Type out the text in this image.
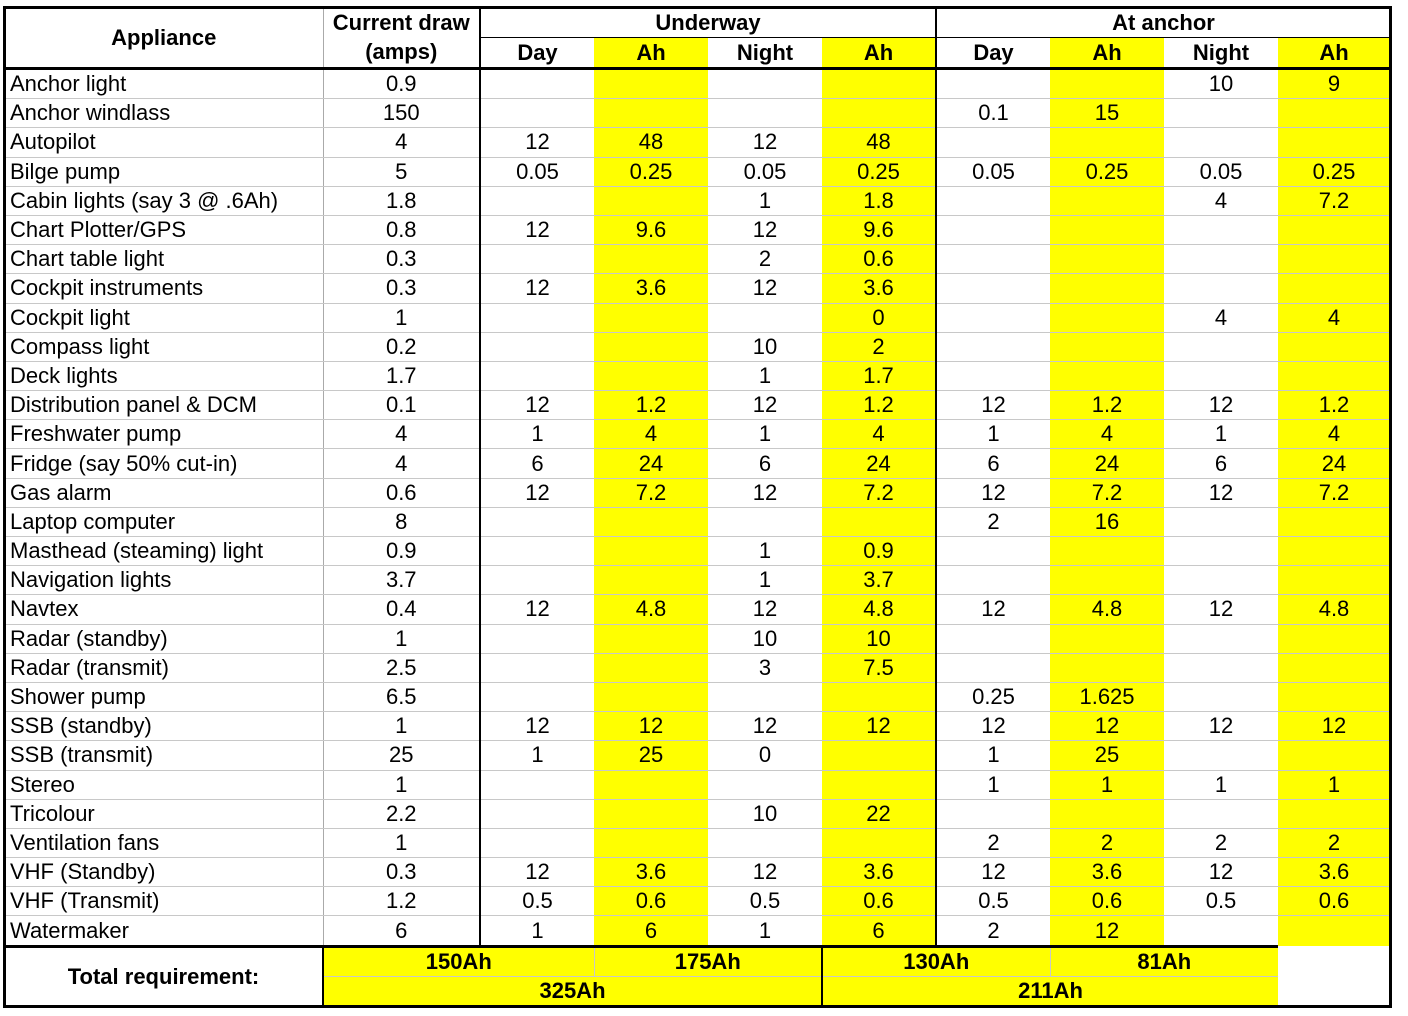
Appliance	Current draw	Underway				At anchor			
	(amps)	Day	Ah	Night	Ah	Day	Ah	Night	Ah
Anchor light	0.9							10	9
Anchor windlass	150					0.1	15		
Autopilot	4	12	48	12	48				
Bilge pump	5	0.05	0.25	0.05	0.25	0.05	0.25	0.05	0.25
Cabin lights (say 3 @ .6Ah)	1.8			1	1.8			4	7.2
Chart Plotter/GPS	0.8	12	9.6	12	9.6				
Chart table light	0.3			2	0.6				
Cockpit instruments	0.3	12	3.6	12	3.6				
Cockpit light	1				0			4	4
Compass light	0.2			10	2				
Deck lights	1.7			1	1.7				
Distribution panel & DCM	0.1	12	1.2	12	1.2	12	1.2	12	1.2
Freshwater pump	4	1	4	1	4	1	4	1	4
Fridge (say 50% cut-in)	4	6	24	6	24	6	24	6	24
Gas alarm	0.6	12	7.2	12	7.2	12	7.2	12	7.2
Laptop computer	8					2	16		
Masthead (steaming) light	0.9			1	0.9				
Navigation lights	3.7			1	3.7				
Navtex	0.4	12	4.8	12	4.8	12	4.8	12	4.8
Radar (standby)	1			10	10				
Radar (transmit)	2.5			3	7.5				
Shower pump	6.5					0.25	1.625		
SSB (standby)	1	12	12	12	12	12	12	12	12
SSB (transmit)	25	1	25	0		1	25		
Stereo	1					1	1	1	1
Tricolour	2.2			10	22				
Ventilation fans	1					2	2	2	2
VHF (Standby)	0.3	12	3.6	12	3.6	12	3.6	12	3.6
VHF (Transmit)	1.2	0.5	0.6	0.5	0.6	0.5	0.6	0.5	0.6
Watermaker	6	1	6	1	6	2	12		
Total requirement:	150Ah		175Ah		130Ah		81Ah		
	325Ah				211Ah				
